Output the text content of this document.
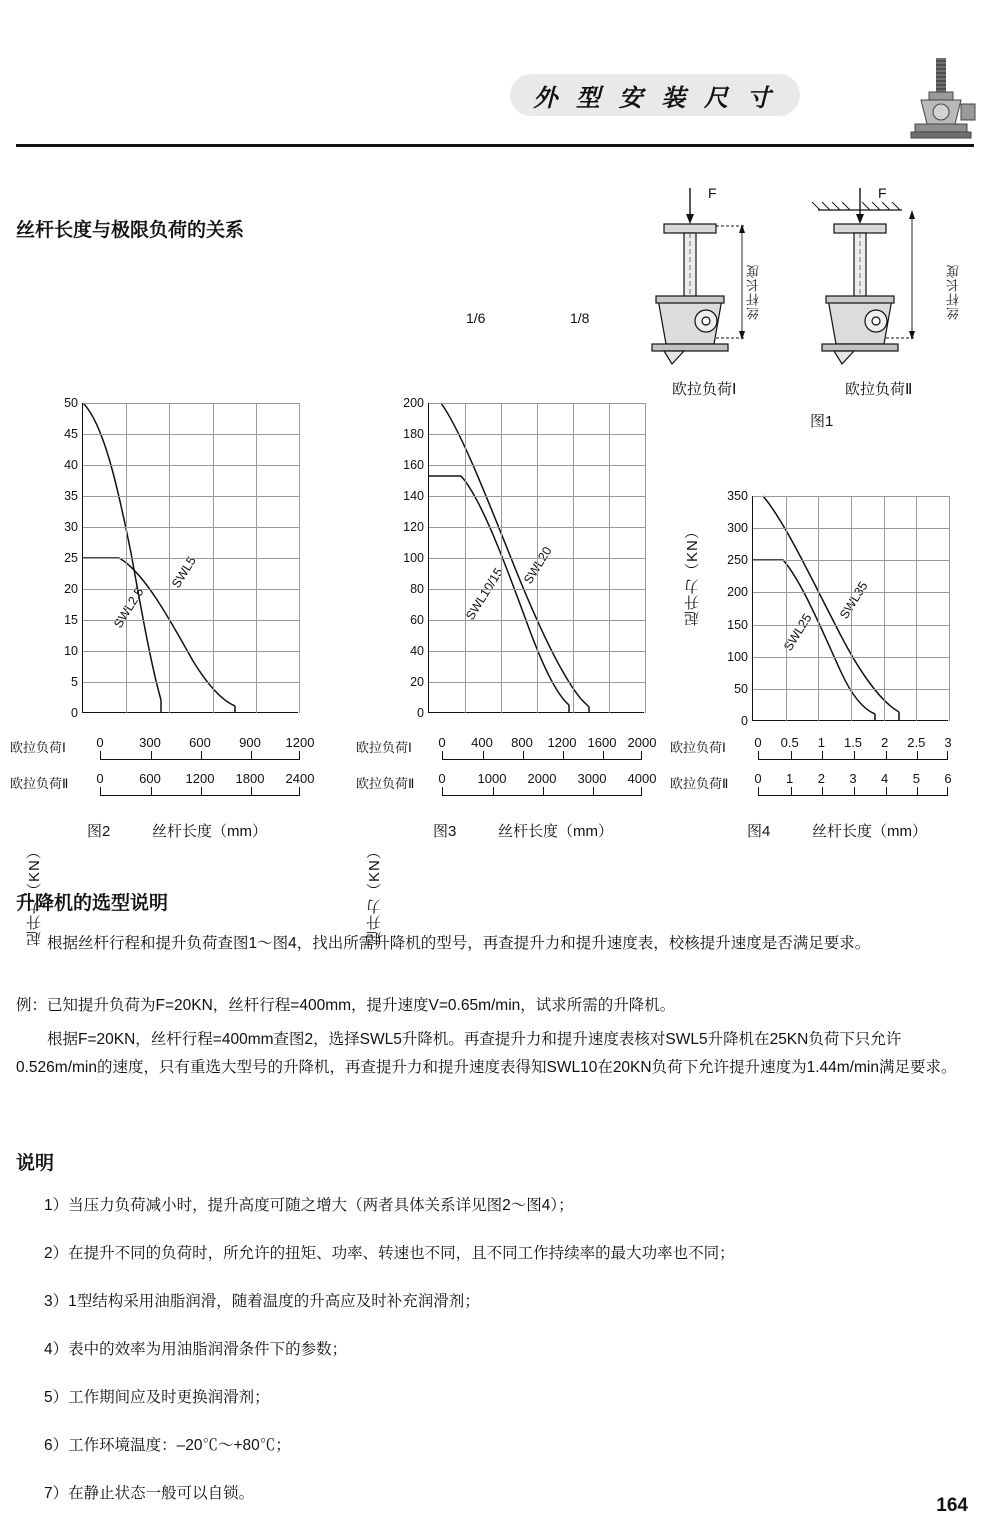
外 型 安 装 尺 寸
丝杆长度与极限负荷的关系
1/6	1/8
F	F
丝杆长度	丝杆长度
欧拉负荷Ⅰ	欧拉负荷Ⅱ
图1
起升力（KN）
SWL2.5
SWL5
0
5
10
15
20
25
30
35
40
45
50
起升力（KN）
SWL10/15
SWL20
0
20
40
60
80
100
120
140
160
180
200
起升力（KN）
SWL25
SWL35
0
50
100
150
200
250
300
350
欧拉负荷Ⅰ 0	300 600 900 1200
欧拉负荷Ⅱ 0	600 1200 1800 2400
图2	丝杆长度（mm）
欧拉负荷Ⅰ 0 400 800 1200 1600 2000
欧拉负荷Ⅱ 0 1000 2000 3000 4000
图3	丝杆长度（mm）
欧拉负荷Ⅰ 0 0.5 1 1.5 2 2.5 3
欧拉负荷Ⅱ 0 1 2 3 4 5 6
图4	丝杆长度（mm）
升降机的选型说明
　　根据丝杆行程和提升负荷查图1～图4，找出所需升降机的型号，再查提升力和提升速度表，校核提升速度是否满足要求。
例：已知提升负荷为F=20KN，丝杆行程=400mm，提升速度V=0.65m/min，试求所需的升降机。
　　根据F=20KN，丝杆行程=400mm查图2，选择SWL5升降机。再查提升力和提升速度表核对SWL5升降机在25KN负荷下只允许0.526m/min的速度，只有重选大型号的升降机，再查提升力和提升速度表得知SWL10在20KN负荷下允许提升速度为1.44m/min满足要求。
说明
1）当压力负荷减小时，提升高度可随之增大（两者具体关系详见图2～图4）；
2）在提升不同的负荷时，所允许的扭矩、功率、转速也不同，且不同工作持续率的最大功率也不同；
3）1型结构采用油脂润滑，随着温度的升高应及时补充润滑剂；
4）表中的效率为用油脂润滑条件下的参数；
5）工作期间应及时更换润滑剂；
6）工作环境温度：–20℃～+80℃；
7）在静止状态一般可以自锁。
164
